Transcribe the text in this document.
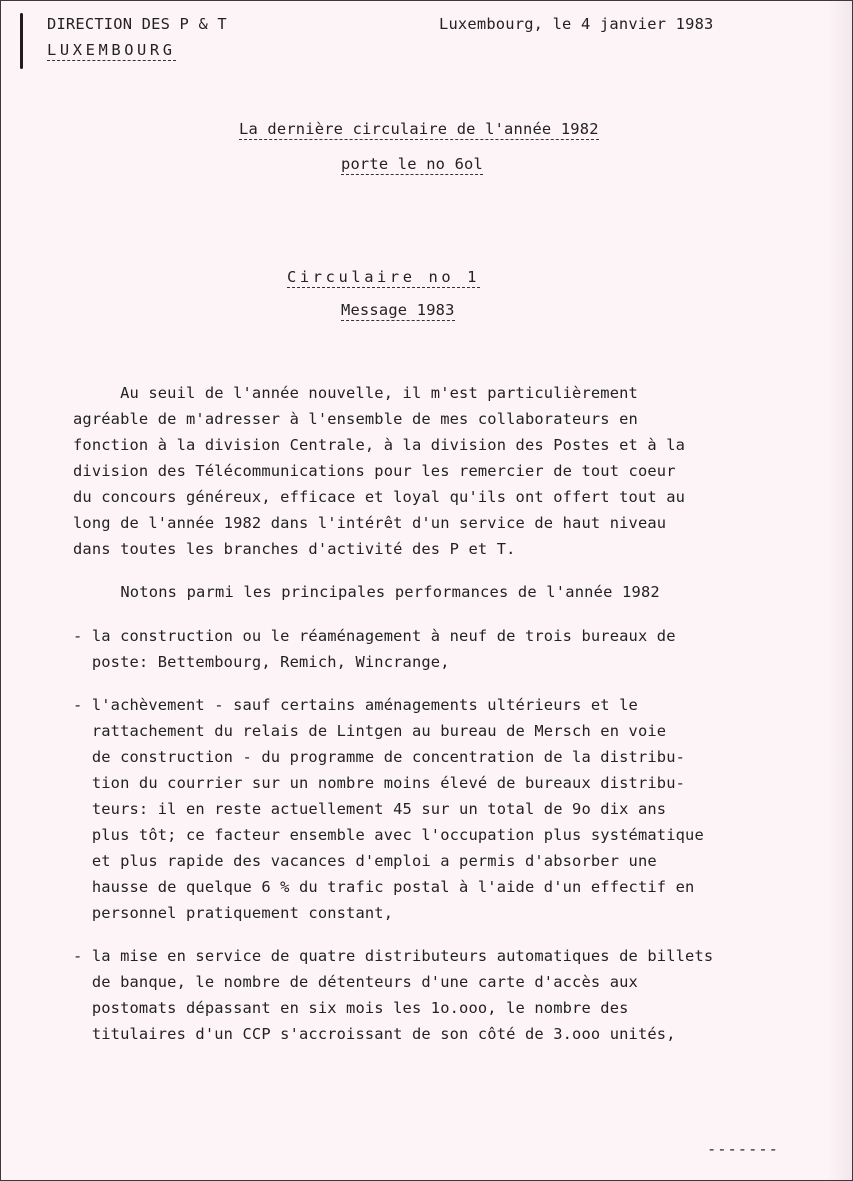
DIRECTION DES P & T
LUXEMBOURG
Luxembourg, le 4 janvier 1983
La dernière circulaire de l'année 1982
porte le no 6ol
Circulaire no 1
Message 1983
Au seuil de l'année nouvelle, il m'est particulièrement
agréable de m'adresser à l'ensemble de mes collaborateurs en
fonction à la division Centrale, à la division des Postes et à la
division des Télécommunications pour les remercier de tout coeur
du concours généreux, efficace et loyal qu'ils ont offert tout au
long de l'année 1982 dans l'intérêt d'un service de haut niveau
dans toutes les branches d'activité des P et T.
Notons parmi les principales performances de l'année 1982
- la construction ou le réaménagement à neuf de trois bureaux de
poste: Bettembourg, Remich, Wincrange,
- l'achèvement - sauf certains aménagements ultérieurs et le
rattachement du relais de Lintgen au bureau de Mersch en voie
de construction - du programme de concentration de la distribu-
tion du courrier sur un nombre moins élevé de bureaux distribu-
teurs: il en reste actuellement 45 sur un total de 9o dix ans
plus tôt; ce facteur ensemble avec l'occupation plus systématique
et plus rapide des vacances d'emploi a permis d'absorber une
hausse de quelque 6 % du trafic postal à l'aide d'un effectif en
personnel pratiquement constant,
- la mise en service de quatre distributeurs automatiques de billets
de banque, le nombre de détenteurs d'une carte d'accès aux
postomats dépassant en six mois les 1o.ooo, le nombre des
titulaires d'un CCP s'accroissant de son côté de 3.ooo unités,
-------
